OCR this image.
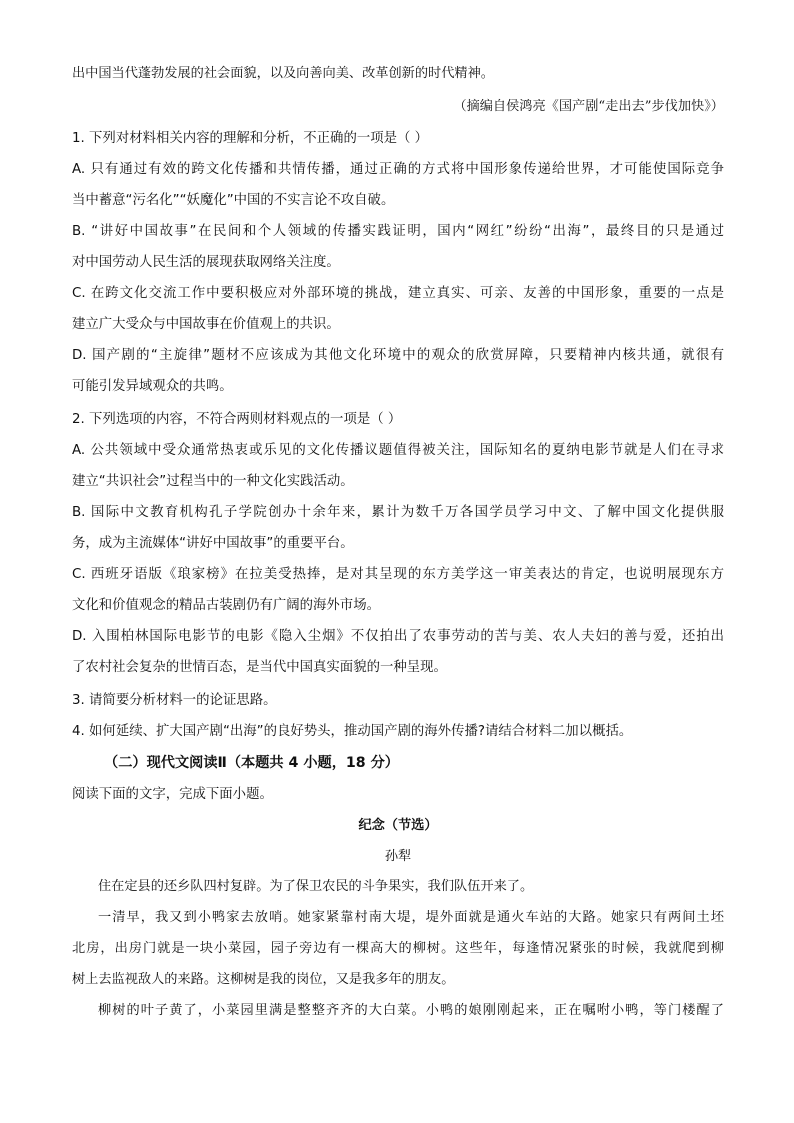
出中国当代蓬勃发展的社会面貌，以及向善向美、改革创新的时代精神。
（摘编自侯鸿亮《国产剧“走出去”步伐加快》）
1. 下列对材料相关内容的理解和分析，不正确的一项是（ ）
A. 只有通过有效的跨文化传播和共情传播，通过正确的方式将中国形象传递给世界，才可能使国际竞争
当中蓄意“污名化”“妖魔化”中国的不实言论不攻自破。
B. “讲好中国故事”在民间和个人领域的传播实践证明，国内“网红”纷纷“出海”，最终目的只是通过
对中国劳动人民生活的展现获取网络关注度。
C. 在跨文化交流工作中要积极应对外部环境的挑战，建立真实、可亲、友善的中国形象，重要的一点是
建立广大受众与中国故事在价值观上的共识。
D. 国产剧的“主旋律”题材不应该成为其他文化环境中的观众的欣赏屏障，只要精神内核共通，就很有
可能引发异域观众的共鸣。
2. 下列选项的内容，不符合两则材料观点的一项是（ ）
A. 公共领域中受众通常热衷或乐见的文化传播议题值得被关注，国际知名的夏纳电影节就是人们在寻求
建立“共识社会”过程当中的一种文化实践活动。
B. 国际中文教育机构孔子学院创办十余年来，累计为数千万各国学员学习中文、了解中国文化提供服
务，成为主流媒体“讲好中国故事”的重要平台。
C. 西班牙语版《琅家榜》在拉美受热捧，是对其呈现的东方美学这一审美表达的肯定，也说明展现东方
文化和价值观念的精品古装剧仍有广阔的海外市场。
D. 入围柏林国际电影节的电影《隐入尘烟》不仅拍出了农事劳动的苦与美、农人夫妇的善与爱，还拍出
了农村社会复杂的世情百态，是当代中国真实面貌的一种呈现。
3. 请简要分析材料一的论证思路。
4. 如何延续、扩大国产剧“出海”的良好势头，推动国产剧的海外传播?请结合材料二加以概括。
（二）现代文阅读Ⅱ（本题共 4 小题，18 分）
阅读下面的文字，完成下面小题。
纪念（节选）
孙犁
住在定县的还乡队四村复辟。为了保卫农民的斗争果实，我们队伍开来了。
一清早，我又到小鸭家去放哨。她家紧靠村南大堤，堤外面就是通火车站的大路。她家只有两间土坯
北房，出房门就是一块小菜园，园子旁边有一棵高大的柳树。这些年，每逢情况紧张的时候，我就爬到柳
树上去监视敌人的来路。这柳树是我的岗位，又是我多年的朋友。
柳树的叶子黄了，小菜园里满是整整齐齐的大白菜。小鸭的娘刚刚起来，正在嘱咐小鸭，等门楼醒了
